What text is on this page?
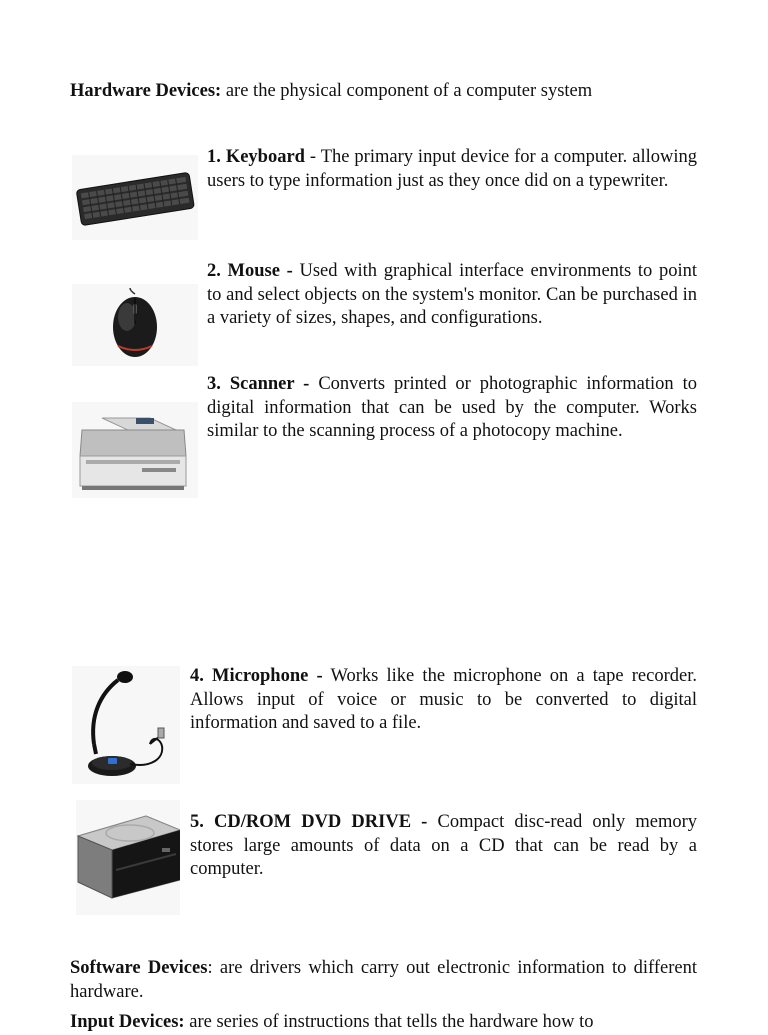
Hardware Devices: are the physical component of a computer system

1. Keyboard - The primary input device for a computer. allowing users to type information just as they once did on a typewriter.

2. Mouse - Used with graphical interface environments to point to and select objects on the system's monitor. Can be purchased in a variety of sizes, shapes, and configurations.

3. Scanner - Converts printed or photographic information to digital information that can be used by the computer. Works similar to the scanning process of a photocopy machine.

4. Microphone - Works like the microphone on a tape recorder. Allows input of voice or music to be converted to digital information and saved to a file.

5. CD/ROM DVD DRIVE - Compact disc-read only memory stores large amounts of data on a CD that can be read by a computer.

Software Devices: are drivers which carry out electronic information to different hardware.

Input Devices: are series of instructions that tells the hardware how to
